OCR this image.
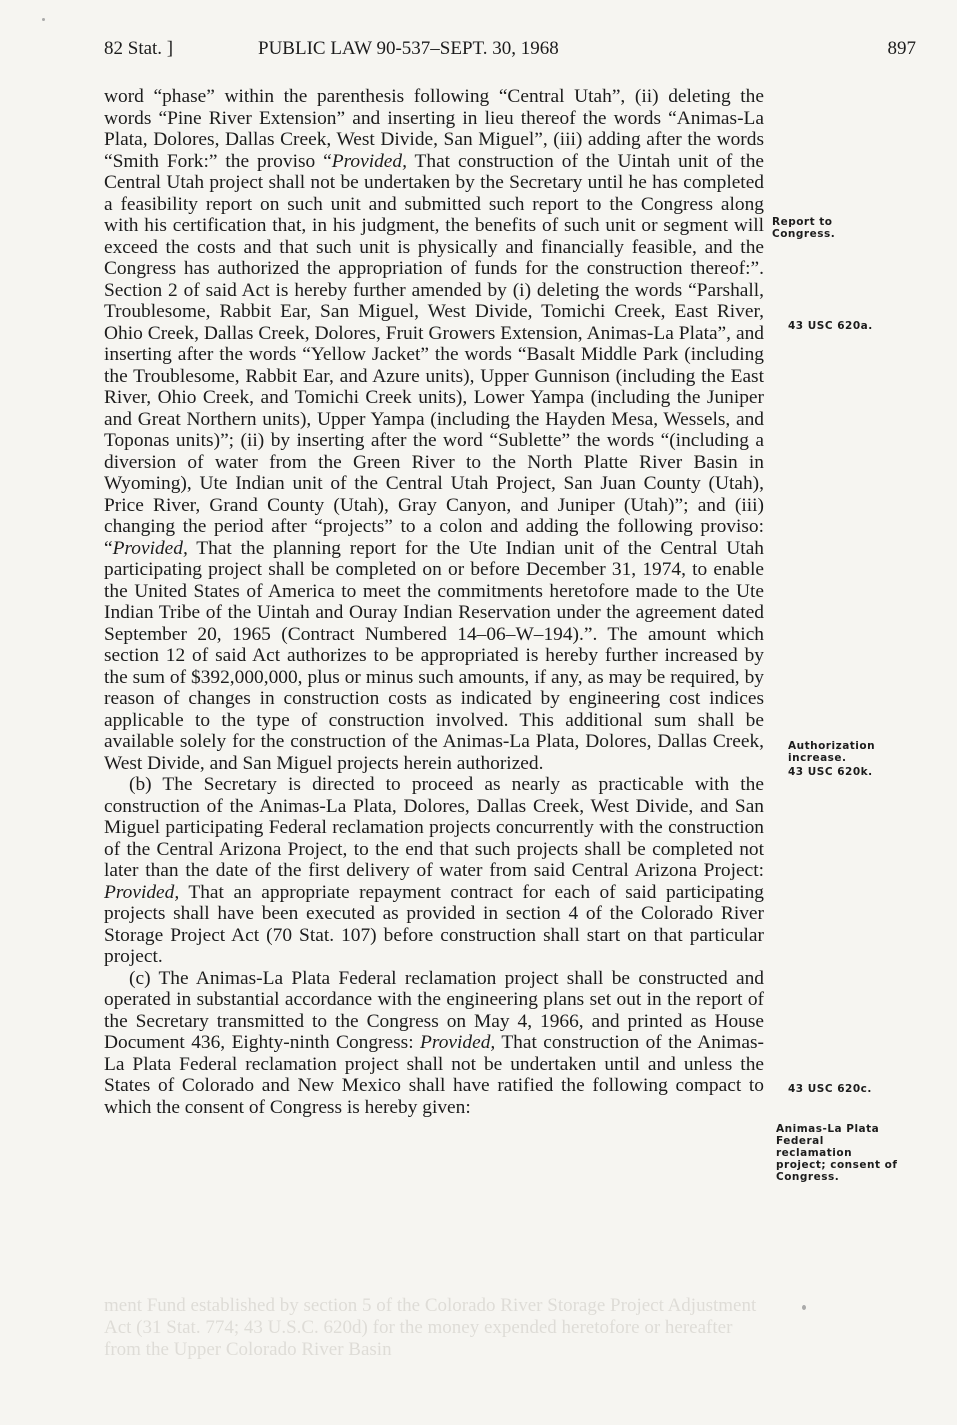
82 Stat. ]	PUBLIC LAW 90-537–SEPT. 30, 1968	897

word “phase” within the parenthesis following “Central Utah”, (ii) deleting the words “Pine River Extension” and inserting in lieu thereof the words “Animas-La Plata, Dolores, Dallas Creek, West Divide, San Miguel”, (iii) adding after the words “Smith Fork:” the proviso “Provided, That construction of the Uintah unit of the Central Utah project shall not be undertaken by the Secretary until he has completed a feasibility report on such unit and submitted such report to the Congress along with his certification that, in his judgment, the benefits of such unit or segment will exceed the costs and that such unit is physically and financially feasible, and the Congress has authorized the appropriation of funds for the construction thereof:”. Section 2 of said Act is hereby further amended by (i) deleting the words “Parshall, Troublesome, Rabbit Ear, San Miguel, West Divide, Tomichi Creek, East River, Ohio Creek, Dallas Creek, Dolores, Fruit Growers Extension, Animas-La Plata”, and inserting after the words “Yellow Jacket” the words “Basalt Middle Park (including the Troublesome, Rabbit Ear, and Azure units), Upper Gunnison (including the East River, Ohio Creek, and Tomichi Creek units), Lower Yampa (including the Juniper and Great Northern units), Upper Yampa (including the Hayden Mesa, Wessels, and Toponas units)”; (ii) by inserting after the word “Sublette” the words “(including a diversion of water from the Green River to the North Platte River Basin in Wyoming), Ute Indian unit of the Central Utah Project, San Juan County (Utah), Price River, Grand County (Utah), Gray Canyon, and Juniper (Utah)”; and (iii) changing the period after “projects” to a colon and adding the following proviso: “Provided, That the planning report for the Ute Indian unit of the Central Utah participating project shall be completed on or before December 31, 1974, to enable the United States of America to meet the commitments heretofore made to the Ute Indian Tribe of the Uintah and Ouray Indian Reservation under the agreement dated September 20, 1965 (Contract Numbered 14–06–W–194).”. The amount which section 12 of said Act authorizes to be appropriated is hereby further increased by the sum of $392,000,000, plus or minus such amounts, if any, as may be required, by reason of changes in construction costs as indicated by engineering cost indices applicable to the type of construction involved. This additional sum shall be available solely for the construction of the Animas-La Plata, Dolores, Dallas Creek, West Divide, and San Miguel projects herein authorized.

(b) The Secretary is directed to proceed as nearly as practicable with the construction of the Animas-La Plata, Dolores, Dallas Creek, West Divide, and San Miguel participating Federal reclamation projects concurrently with the construction of the Central Arizona Project, to the end that such projects shall be completed not later than the date of the first delivery of water from said Central Arizona Project: Provided, That an appropriate repayment contract for each of said participating projects shall have been executed as provided in section 4 of the Colorado River Storage Project Act (70 Stat. 107) before construction shall start on that particular project.

(c) The Animas-La Plata Federal reclamation project shall be constructed and operated in substantial accordance with the engineering plans set out in the report of the Secretary transmitted to the Congress on May 4, 1966, and printed as House Document 436, Eighty-ninth Congress: Provided, That construction of the Animas-La Plata Federal reclamation project shall not be undertaken until and unless the States of Colorado and New Mexico shall have ratified the following compact to which the consent of Congress is hereby given:

Report to Congress.
43 USC 620a.
Authorization increase.
43 USC 620k.
43 USC 620c.
Animas-La Plata Federal reclamation project; consent of Congress.
ment Fund established by section 5 of the Colorado River Storage Project Adjustment Act (31 Stat. 774; 43 U.S.C. 620d) for the money expended heretofore or hereafter from the Upper Colorado River Basin
